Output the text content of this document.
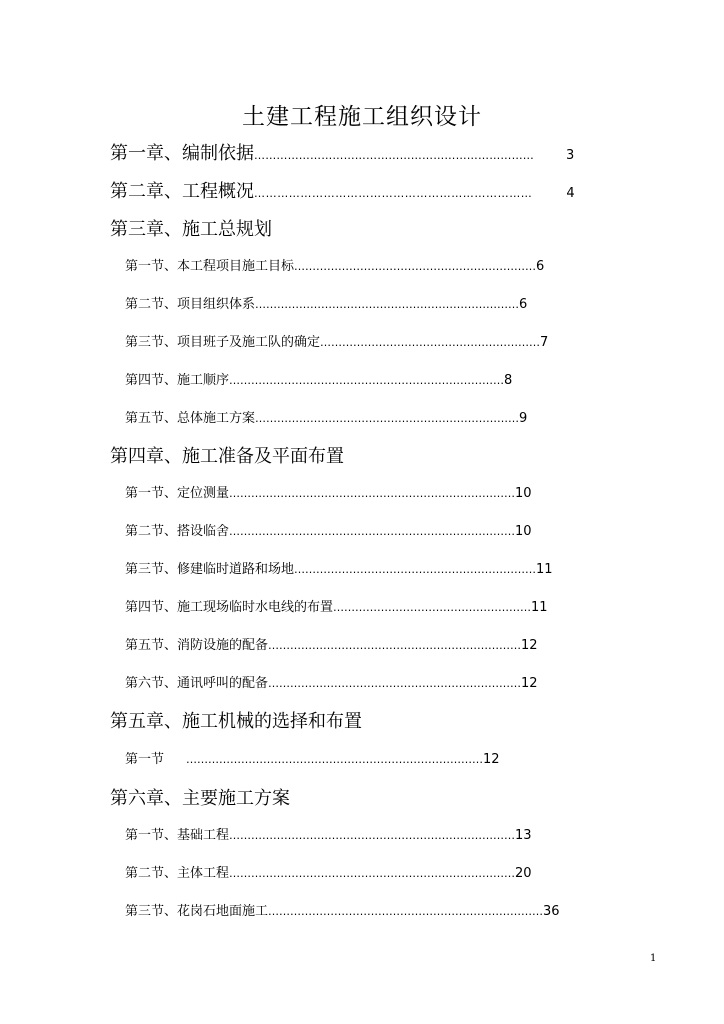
土建工程施工组织设计
第一章、编制依据………………………………………………………………… 3
第二章、工程概况………………………………………………………………	4
第三章、施工总规划
第一节、本工程项目施工目标…………………………………………………………6
第二节、项目组织体系………………………………………………………………6
第三节、项目班子及施工队的确定……………………………………………………7
第四节、施工顺序…………………………………………………………………8
第五节、总体施工方案………………………………………………………………9
第四章、施工准备及平面布置
第一节、定位测量……………………………………………………………………10
第二节、搭设临舍……………………………………………………………………10
第三节、修建临时道路和场地…………………………………………………………11
第四节、施工现场临时水电线的布置………………………………………………11
第五节、消防设施的配备……………………………………………………………12
第六节、通讯呼叫的配备……………………………………………………………12
第五章、施工机械的选择和布置
第一节 ………………………………………………………………………12
第六章、主要施工方案
第一节、基础工程……………………………………………………………………13
第二节、主体工程……………………………………………………………………20
第三节、花岗石地面施工…………………………………………………………………36
1
